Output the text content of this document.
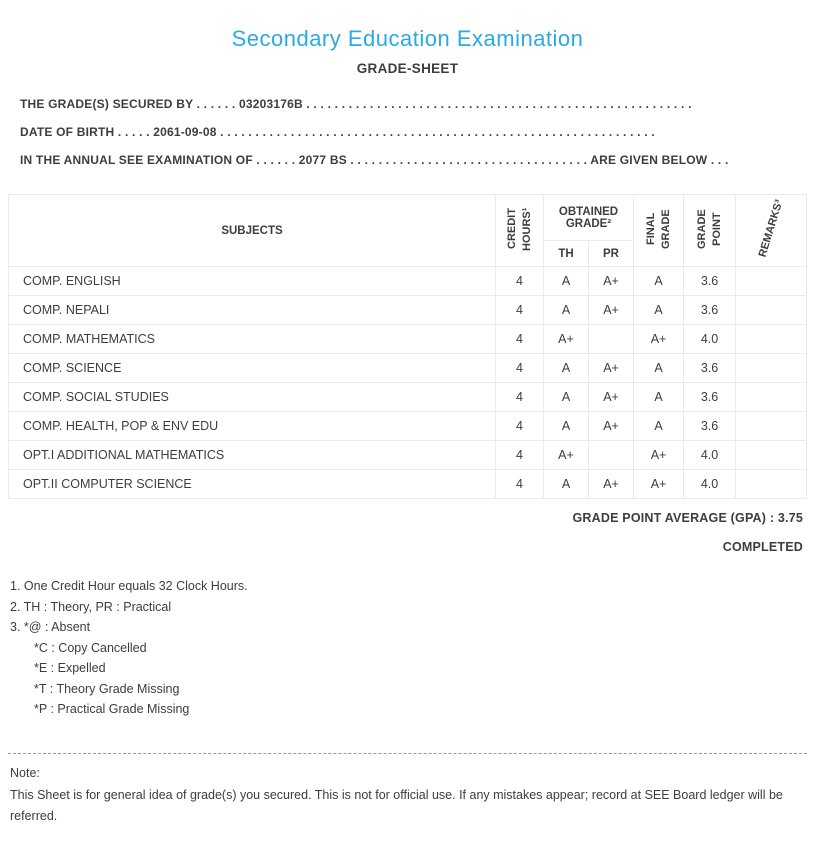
Secondary Education Examination
GRADE-SHEET
THE GRADE(S) SECURED BY . . . . . . 03203176B . . . . . . . . . . . . . . . . . . . . . . . . . . . . . . . . . . . . . . . . . . . . . . . . . . . . . . .
DATE OF BIRTH . . . . . 2061-09-08 . . . . . . . . . . . . . . . . . . . . . . . . . . . . . . . . . . . . . . . . . . . . . . . . . . . . . . . . . . . . . .
IN THE ANNUAL SEE EXAMINATION OF . . . . . . 2077 BS . . . . . . . . . . . . . . . . . . . . . . . . . . . . . . . . . . ARE GIVEN BELOW . . .
SUBJECTS	CREDIT HOURS¹	OBTAINED GRADE²		FINAL GRADE	GRADE POINT	REMARKS³
		TH	PR			
COMP. ENGLISH	4	A	A+	A	3.6	
COMP. NEPALI	4	A	A+	A	3.6	
COMP. MATHEMATICS	4	A+		A+	4.0	
COMP. SCIENCE	4	A	A+	A	3.6	
COMP. SOCIAL STUDIES	4	A	A+	A	3.6	
COMP. HEALTH, POP & ENV EDU	4	A	A+	A	3.6	
OPT.I ADDITIONAL MATHEMATICS	4	A+		A+	4.0	
OPT.II COMPUTER SCIENCE	4	A	A+	A+	4.0	
GRADE POINT AVERAGE (GPA) : 3.75
COMPLETED
1. One Credit Hour equals 32 Clock Hours.
2. TH : Theory, PR : Practical
3. *@ : Absent
*C : Copy Cancelled
*E : Expelled
*T : Theory Grade Missing
*P : Practical Grade Missing
Note:

This Sheet is for general idea of grade(s) you secured. This is not for official use. If any mistakes appear; record at SEE Board ledger will be referred.
